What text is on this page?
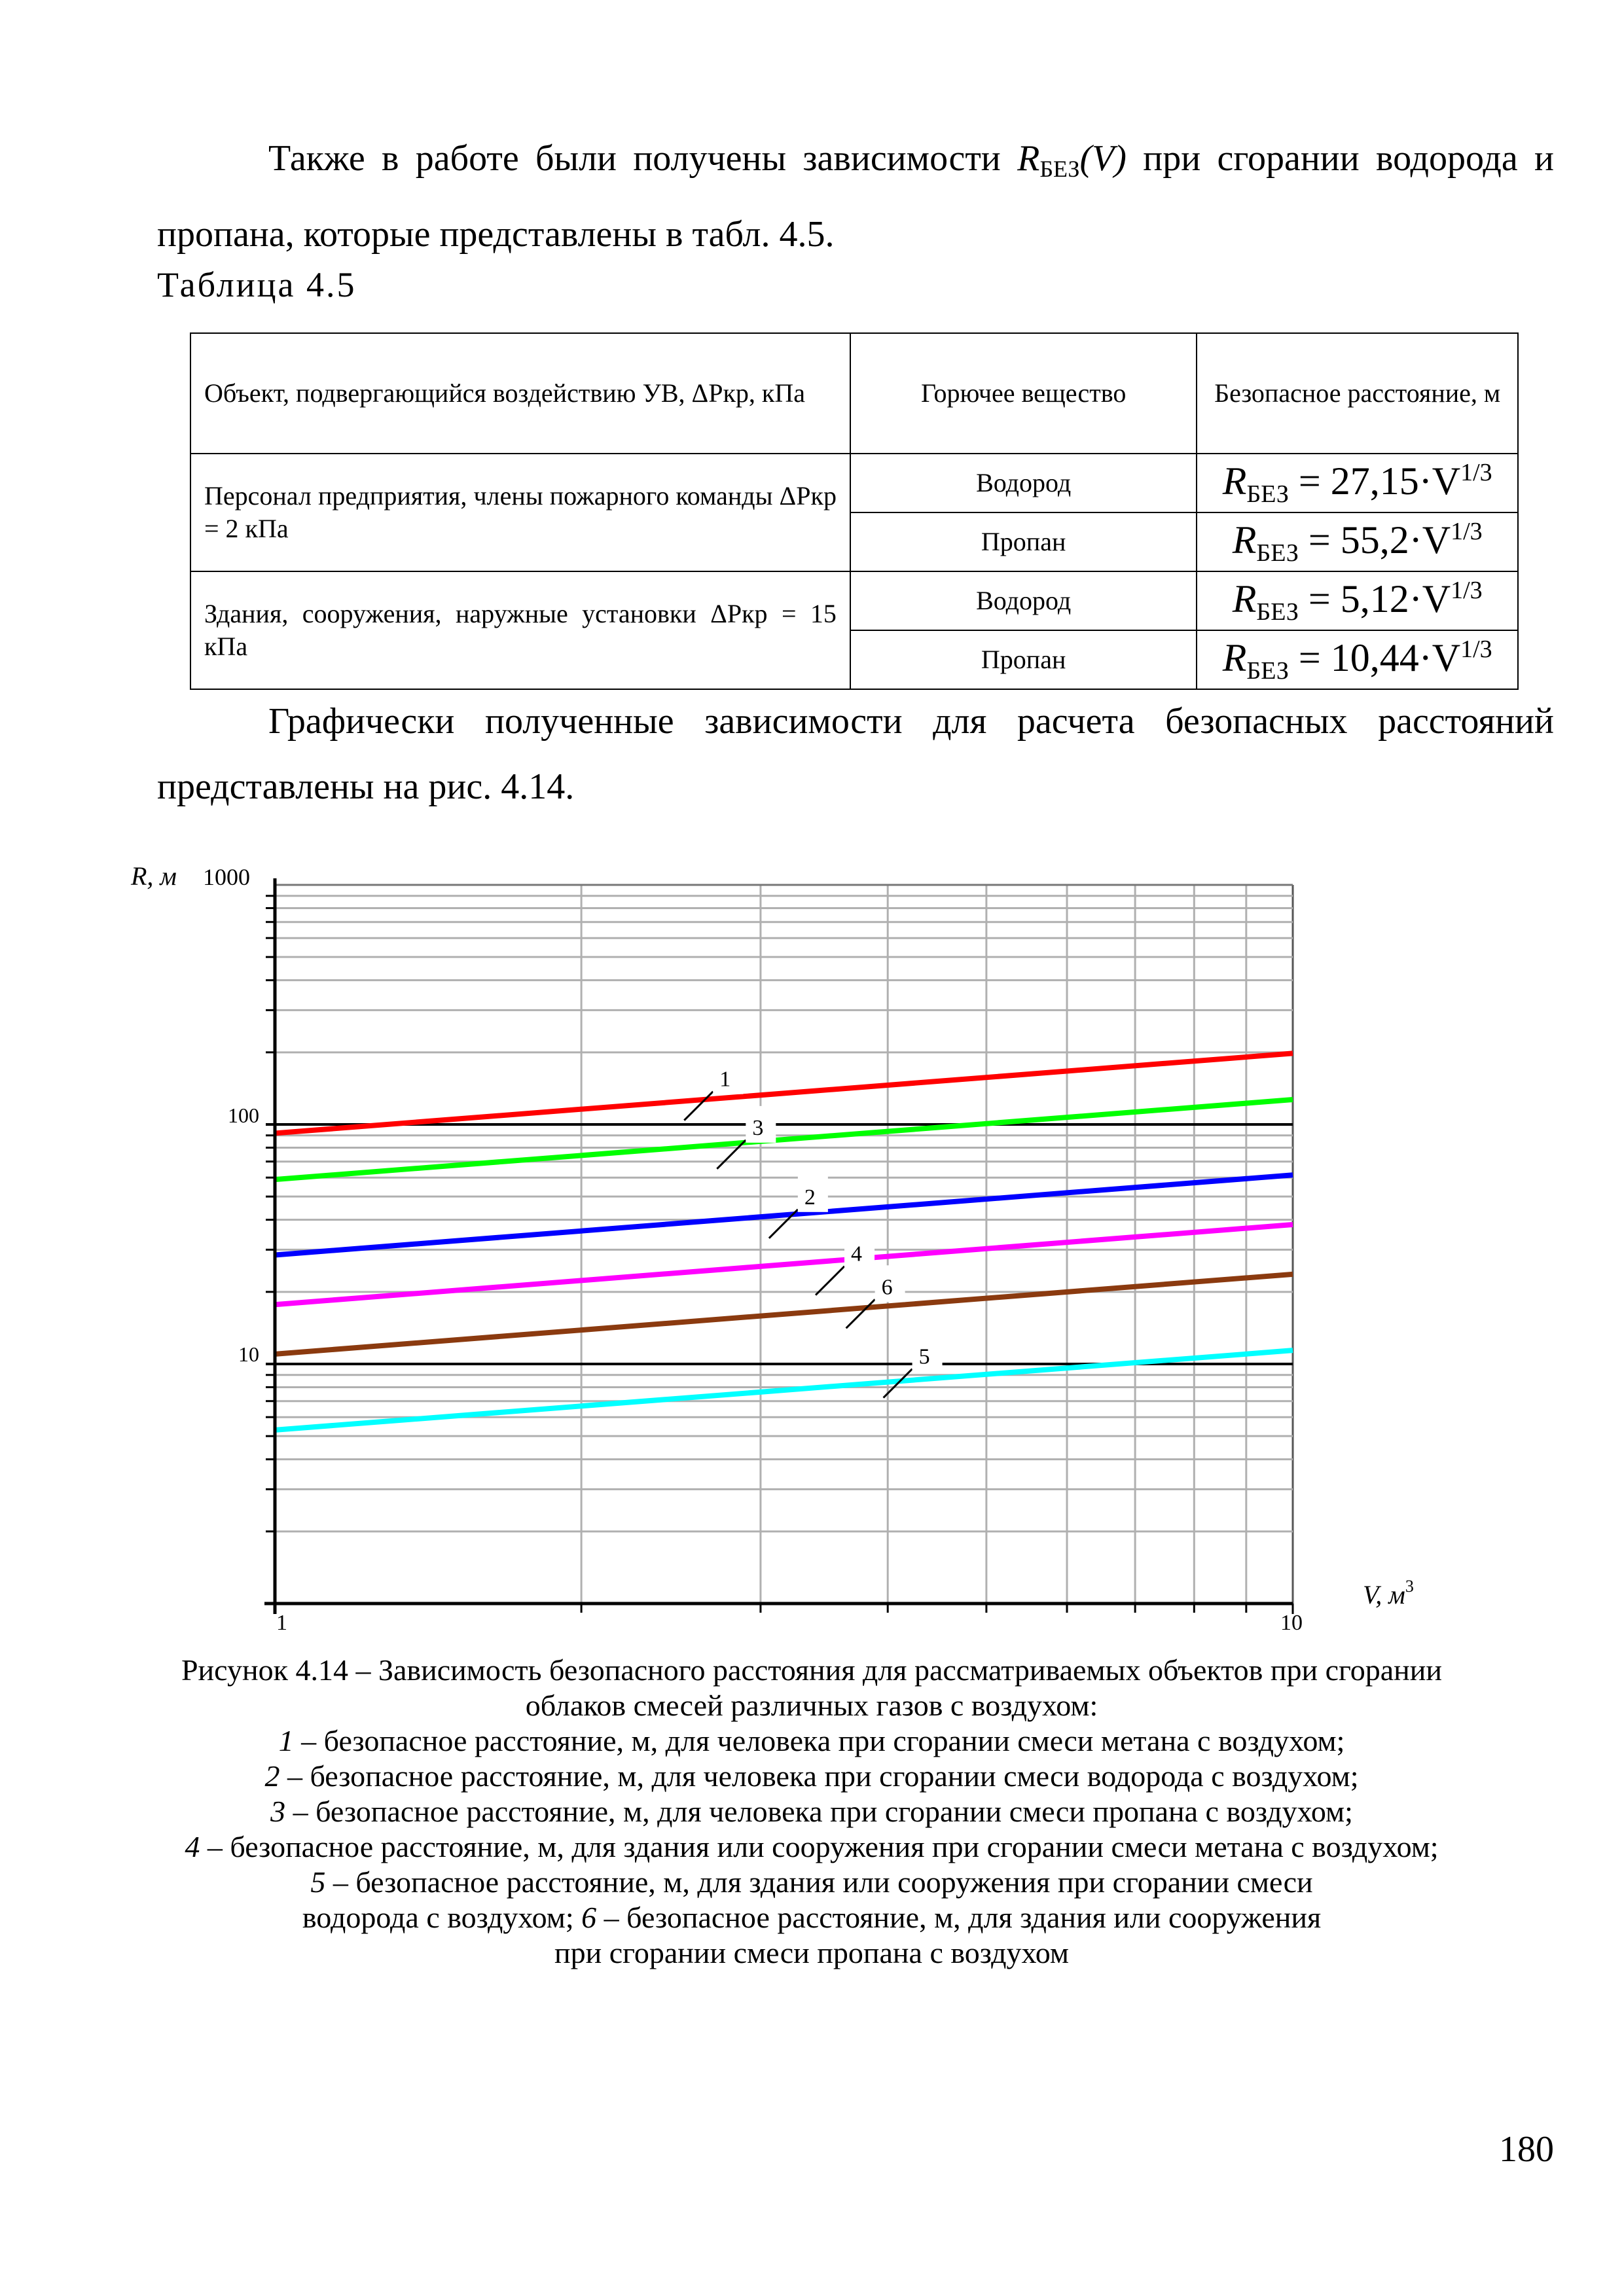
Также в работе были получены зависимости $R_{БЕЗ}(V)$ при сгорании водорода и пропана, которые представлены в табл. 4.5.
Таблица 4.5
Объект, подвергающийся воздействию УВ, ΔPкр, кПа	Горючее вещество	Безопасное расстояние, м
Персонал предприятия, члены пожарного команды ΔPкр = 2 кПа	Водород	$R_{БЕЗ} = 27,15\cdot V^{1/3}$
	Пропан	$R_{БЕЗ} = 55,2\cdot V^{1/3}$
Здания, сооружения, наружные установки ΔPкр = 15 кПа	Водород	$R_{БЕЗ} = 5,12\cdot V^{1/3}$
	Пропан	$R_{БЕЗ} = 10,44\cdot V^{1/3}$
Графически полученные зависимости для расчета безопасных расстояний представлены на рис. 4.14.
1
3
2
4
6
5
R, м
V, $м^3$
1000
100
10
1	10
Рисунок 4.14 – Зависимость безопасного расстояния для рассматриваемых объектов при сгорании
облаков смесей различных газов с воздухом:
1 – безопасное расстояние, м, для человека при сгорании смеси метана с воздухом;
2 – безопасное расстояние, м, для человека при сгорании смеси водорода с воздухом;
3 – безопасное расстояние, м, для человека при сгорании смеси пропана с воздухом;
4 – безопасное расстояние, м, для здания или сооружения при сгорании смеси метана с воздухом;
5 – безопасное расстояние, м, для здания или сооружения при сгорании смеси
водорода с воздухом; 6 – безопасное расстояние, м, для здания или сооружения
при сгорании смеси пропана с воздухом
180
